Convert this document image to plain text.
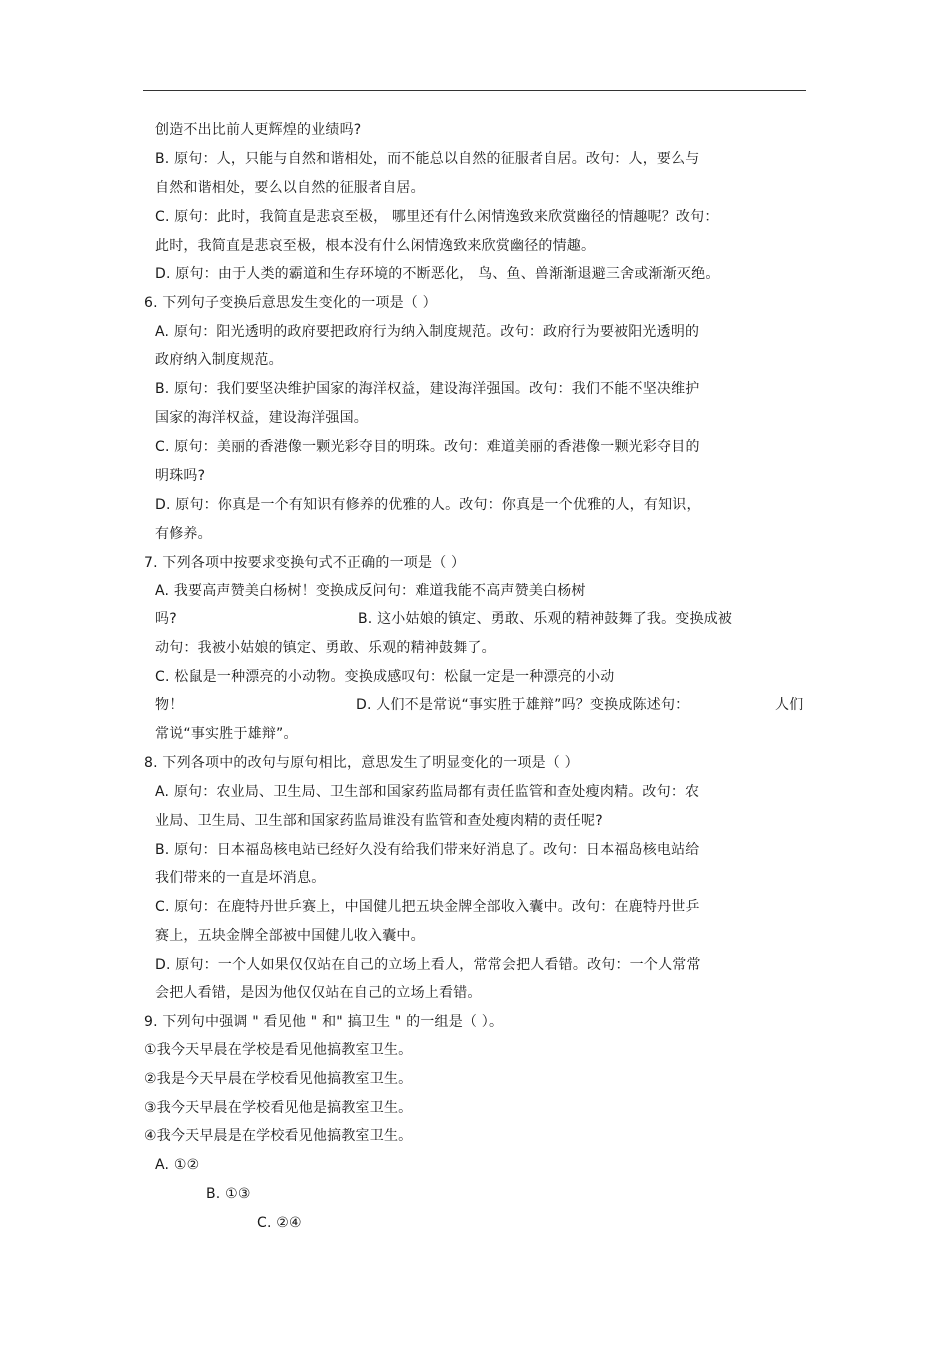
创造不出比前人更辉煌的业绩吗?
B. 原句：人，只能与自然和谐相处，而不能总以自然的征服者自居。改句：人，要么与
自然和谐相处，要么以自然的征服者自居。
C. 原句：此时，我简直是悲哀至极， 哪里还有什么闲情逸致来欣赏幽径的情趣呢？改句：
此时，我简直是悲哀至极，根本没有什么闲情逸致来欣赏幽径的情趣。
D. 原句：由于人类的霸道和生存环境的不断恶化， 鸟、鱼、兽渐渐退避三舍或渐渐灭绝。
6. 下列句子变换后意思发生变化的一项是（ ）
A. 原句：阳光透明的政府要把政府行为纳入制度规范。改句：政府行为要被阳光透明的
政府纳入制度规范。
B. 原句：我们要坚决维护国家的海洋权益，建设海洋强国。改句：我们不能不坚决维护
国家的海洋权益，建设海洋强国。
C. 原句：美丽的香港像一颗光彩夺目的明珠。改句：难道美丽的香港像一颗光彩夺目的
明珠吗?
D. 原句：你真是一个有知识有修养的优雅的人。改句：你真是一个优雅的人，有知识，
有修养。
7. 下列各项中按要求变换句式不正确的一项是（ ）
A. 我要高声赞美白杨树！变换成反问句：难道我能不高声赞美白杨树
吗?	B. 这小姑娘的镇定、勇敢、乐观的精神鼓舞了我。变换成被
动句：我被小姑娘的镇定、勇敢、乐观的精神鼓舞了。
C. 松鼠是一种漂亮的小动物。变换成感叹句：松鼠一定是一种漂亮的小动
物！	D. 人们不是常说“事实胜于雄辩”吗？变换成陈述句：	人们
常说“事实胜于雄辩”。
8. 下列各项中的改句与原句相比，意思发生了明显变化的一项是（ ）
A. 原句：农业局、卫生局、卫生部和国家药监局都有责任监管和查处瘦肉精。改句：农
业局、卫生局、卫生部和国家药监局谁没有监管和查处瘦肉精的责任呢?
B. 原句：日本福岛核电站已经好久没有给我们带来好消息了。改句：日本福岛核电站给
我们带来的一直是坏消息。
C. 原句：在鹿特丹世乒赛上，中国健儿把五块金牌全部收入囊中。改句：在鹿特丹世乒
赛上，五块金牌全部被中国健儿收入囊中。
D. 原句：一个人如果仅仅站在自己的立场上看人，常常会把人看错。改句：一个人常常
会把人看错，是因为他仅仅站在自己的立场上看错。
9. 下列句中强调 " 看见他 " 和" 搞卫生 " 的一组是（ ）。
①我今天早晨在学校是看见他搞教室卫生。
②我是今天早晨在学校看见他搞教室卫生。
③我今天早晨在学校看见他是搞教室卫生。
④我今天早晨是在学校看见他搞教室卫生。
A. ①②
B. ①③
C. ②④
